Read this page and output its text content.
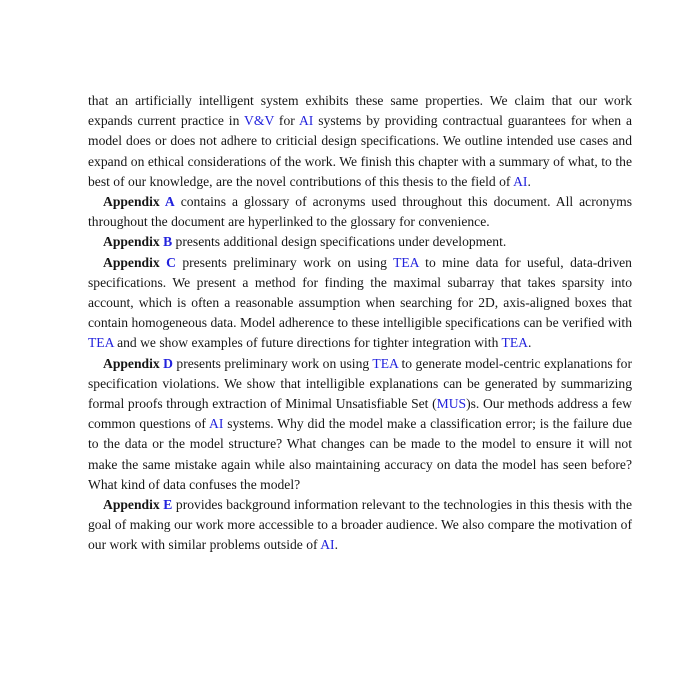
that an artificially intelligent system exhibits these same properties. We claim that our work expands current practice in V&V for AI systems by providing contractual guarantees for when a model does or does not adhere to criticial design specifications. We outline intended use cases and expand on ethical considerations of the work. We finish this chapter with a summary of what, to the best of our knowledge, are the novel contributions of this thesis to the field of AI.

Appendix A contains a glossary of acronyms used throughout this document. All acronyms throughout the document are hyperlinked to the glossary for convenience.

Appendix B presents additional design specifications under development.

Appendix C presents preliminary work on using TEA to mine data for useful, data-driven specifications. We present a method for finding the maximal subarray that takes sparsity into account, which is often a reasonable assumption when searching for 2D, axis-aligned boxes that contain homogeneous data. Model adherence to these intelligible specifications can be verified with TEA and we show examples of future directions for tighter integration with TEA.

Appendix D presents preliminary work on using TEA to generate model-centric explanations for specification violations. We show that intelligible explanations can be generated by summarizing formal proofs through extraction of Minimal Unsatisfiable Set (MUS)s. Our methods address a few common questions of AI systems. Why did the model make a classification error; is the failure due to the data or the model structure? What changes can be made to the model to ensure it will not make the same mistake again while also maintaining accuracy on data the model has seen before? What kind of data confuses the model?

Appendix E provides background information relevant to the technologies in this thesis with the goal of making our work more accessible to a broader audience. We also compare the motivation of our work with similar problems outside of AI.
